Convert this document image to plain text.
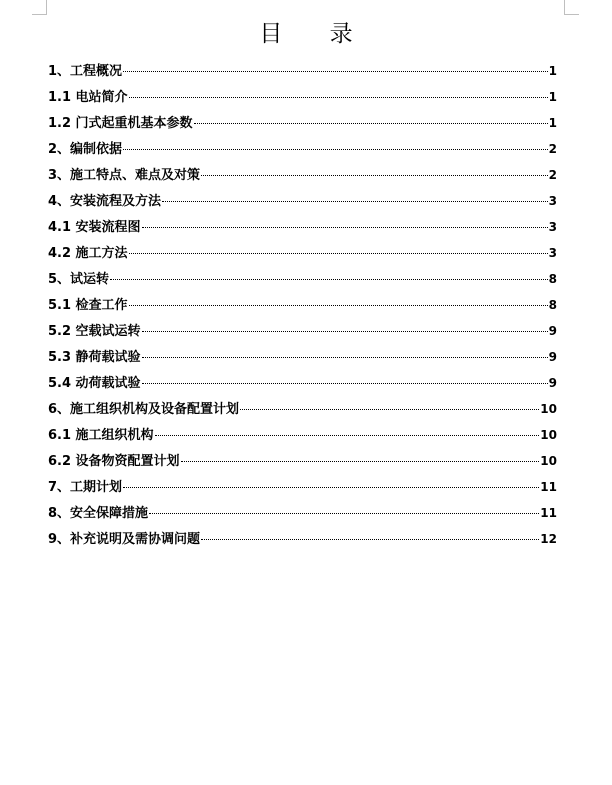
目 录
1、工程概况	1
1.1 电站简介	1
1.2 门式起重机基本参数	1
2、编制依据	2
3、施工特点、难点及对策	2
4、安装流程及方法	3
4.1 安装流程图	3
4.2 施工方法	3
5、试运转	8
5.1 检查工作	8
5.2 空载试运转	9
5.3 静荷载试验	9
5.4 动荷载试验	9
6、施工组织机构及设备配置计划	10
6.1 施工组织机构	10
6.2 设备物资配置计划	10
7、工期计划	11
8、安全保障措施	11
9、补充说明及需协调问题	12
